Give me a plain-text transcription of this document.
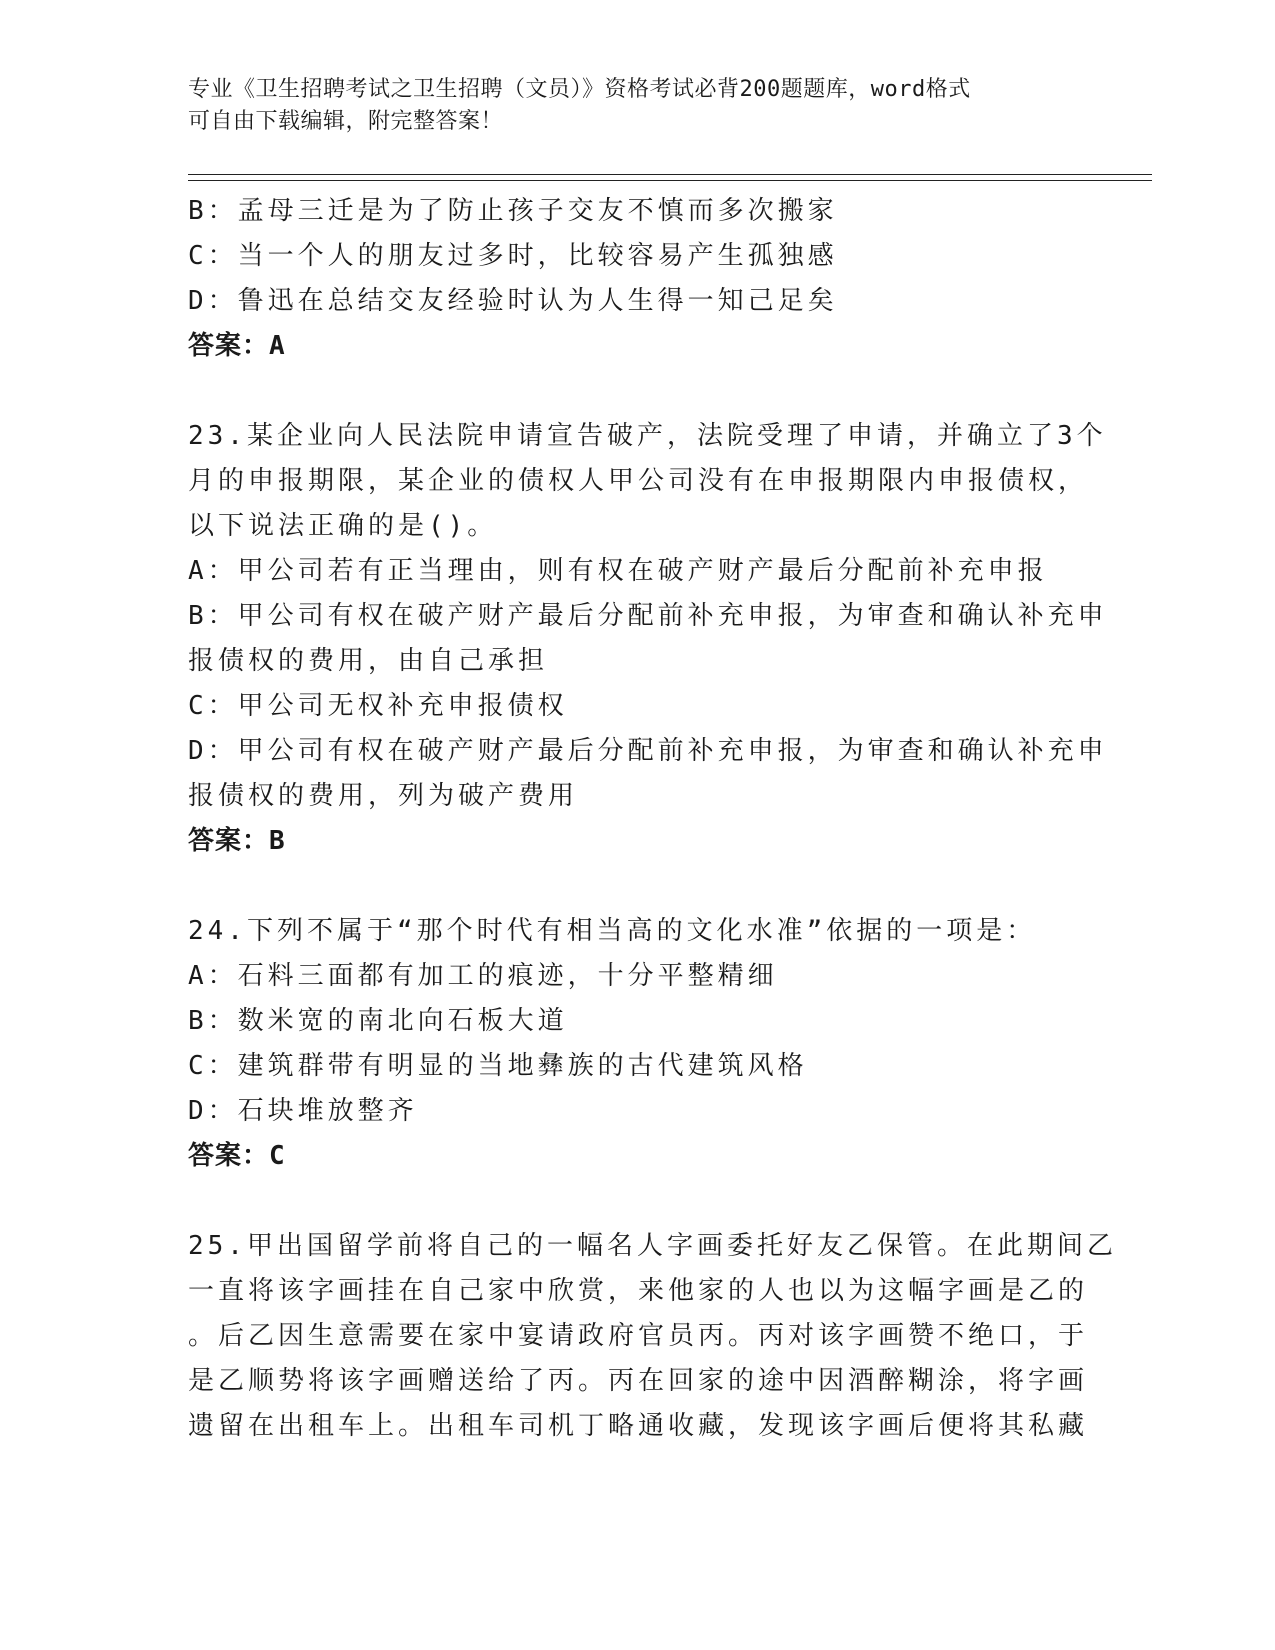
专业《卫生招聘考试之卫生招聘（文员）》资格考试必背200题题库，word格式
可自由下载编辑，附完整答案！
B：孟母三迁是为了防止孩子交友不慎而多次搬家
C：当一个人的朋友过多时，比较容易产生孤独感
D：鲁迅在总结交友经验时认为人生得一知己足矣
答案：A
23.某企业向人民法院申请宣告破产，法院受理了申请，并确立了3个
月的申报期限，某企业的债权人甲公司没有在申报期限内申报债权，
以下说法正确的是()。
A：甲公司若有正当理由，则有权在破产财产最后分配前补充申报
B：甲公司有权在破产财产最后分配前补充申报，为审查和确认补充申
报债权的费用，由自己承担
C：甲公司无权补充申报债权
D：甲公司有权在破产财产最后分配前补充申报，为审查和确认补充申
报债权的费用，列为破产费用
答案：B
24.下列不属于“那个时代有相当高的文化水准”依据的一项是：
A：石料三面都有加工的痕迹，十分平整精细
B：数米宽的南北向石板大道
C：建筑群带有明显的当地彝族的古代建筑风格
D：石块堆放整齐
答案：C
25.甲出国留学前将自己的一幅名人字画委托好友乙保管。在此期间乙
一直将该字画挂在自己家中欣赏，来他家的人也以为这幅字画是乙的
。后乙因生意需要在家中宴请政府官员丙。丙对该字画赞不绝口，于
是乙顺势将该字画赠送给了丙。丙在回家的途中因酒醉糊涂，将字画
遗留在出租车上。出租车司机丁略通收藏，发现该字画后便将其私藏
